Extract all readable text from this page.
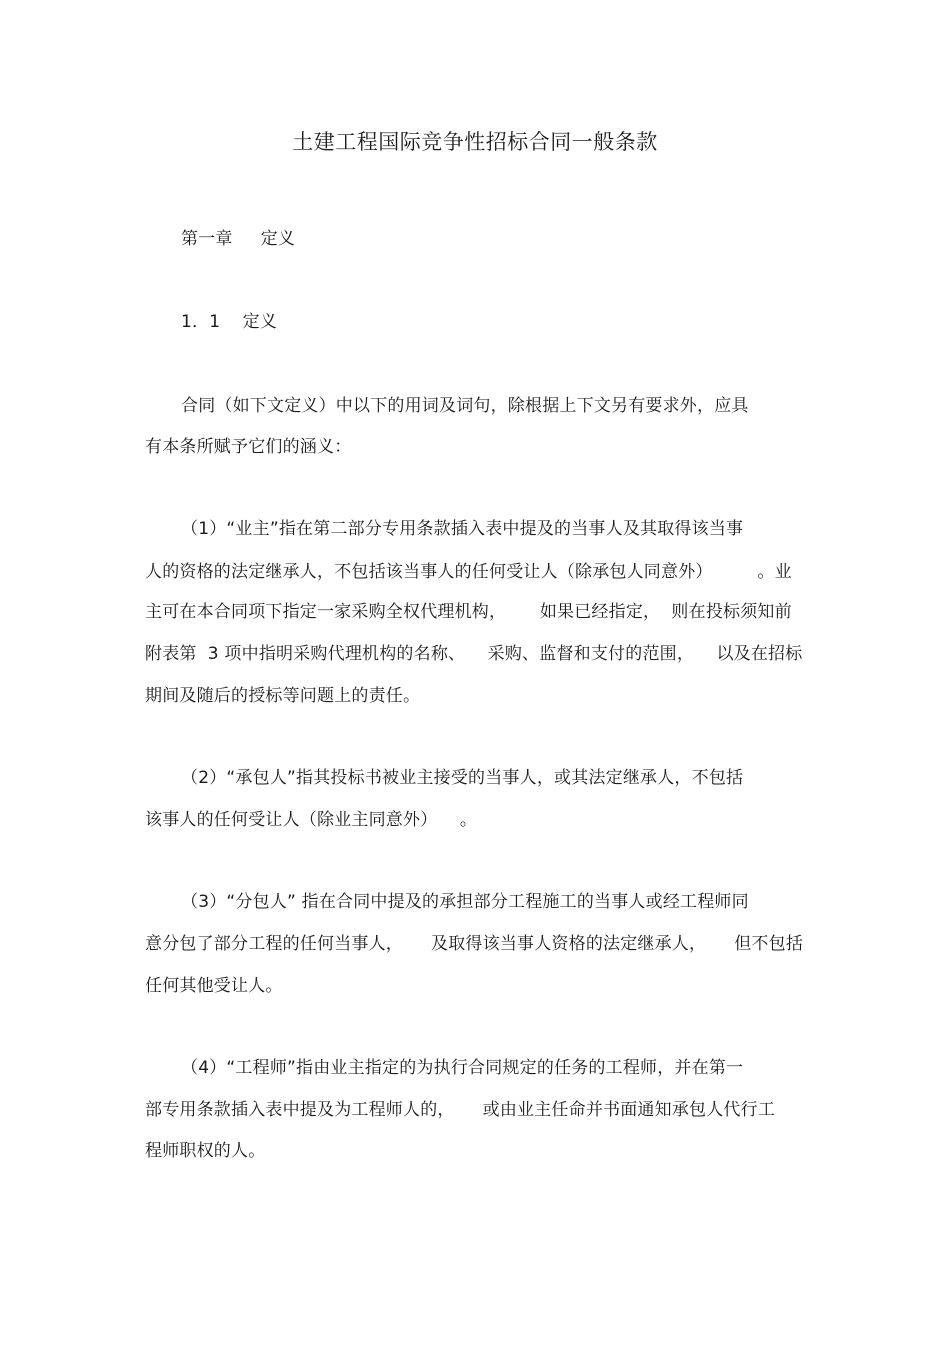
土建工程国际竞争性招标合同一般条款
第一章     定义
1．1    定义
合同（如下文定义）中以下的用词及词句，除根据上下文另有要求外，应具
有本条所赋予它们的涵义：
（1）“业主”指在第二部分专用条款插入表中提及的当事人及其取得该当事
人的资格的法定继承人，不包括该当事人的任何受让人（除承包人同意外）        。业
主可在本合同项下指定一家采购全权代理机构，      如果已经指定，  则在投标须知前
附表第  3 项中指明采购代理机构的名称、    采购、监督和支付的范围，    以及在招标
期间及随后的授标等问题上的责任。
（2）“承包人”指其投标书被业主接受的当事人，或其法定继承人，不包括
该事人的任何受让人（除业主同意外）    。
（3）“分包人” 指在合同中提及的承担部分工程施工的当事人或经工程师同
意分包了部分工程的任何当事人，     及取得该当事人资格的法定继承人，     但不包括
任何其他受让人。
（4）“工程师”指由业主指定的为执行合同规定的任务的工程师，并在第一
部专用条款插入表中提及为工程师人的，     或由业主任命并书面通知承包人代行工
程师职权的人。
